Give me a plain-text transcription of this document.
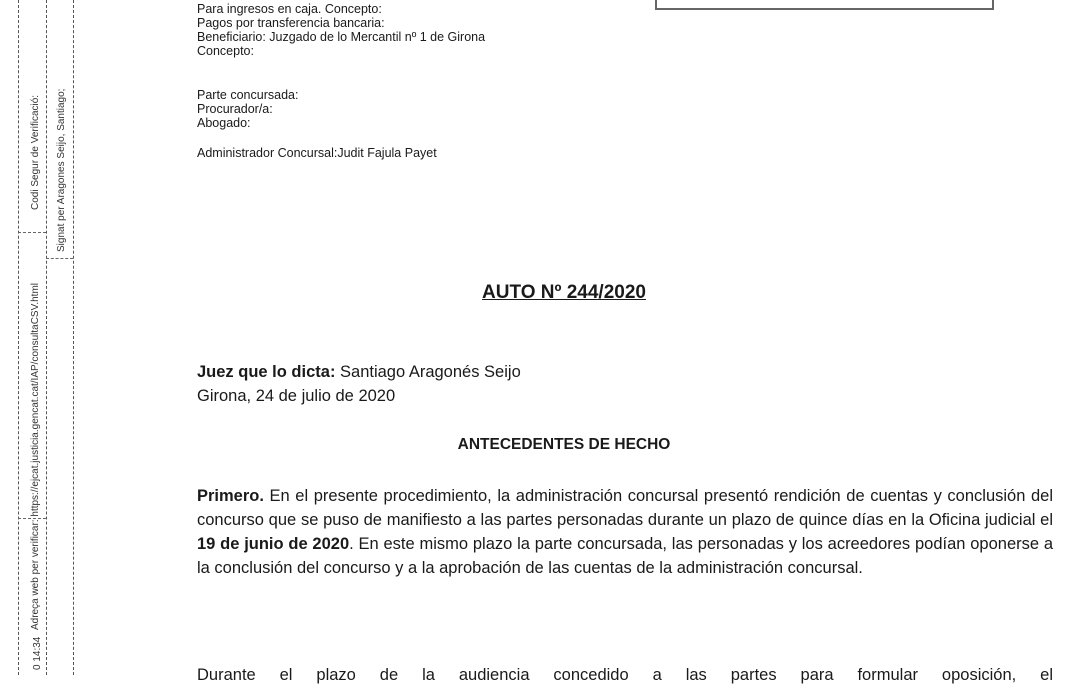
Codi Segur de Verificació:
Adreça web per verificar: https://ejcat.justicia.gencat.cat/IAP/consultaCSV.html
0 14:34
Signat per Aragones Seijo, Santiago;
Para ingresos en caja. Concepto:
Pagos por transferencia bancaria:
Beneficiario: Juzgado de lo Mercantil nº 1 de Girona
Concepto:
Parte concursada:
Procurador/a:
Abogado:
Administrador Concursal:Judit Fajula Payet
AUTO Nº 244/2020
Juez que lo dicta: Santiago Aragonés Seijo
Girona, 24 de julio de 2020
ANTECEDENTES DE HECHO
Primero. En el presente procedimiento, la administración concursal presentó rendición de cuentas y conclusión del concurso que se puso de manifiesto a las partes personadas durante un plazo de quince días en la Oficina judicial el 19 de junio de 2020. En este mismo plazo la parte concursada, las personadas y los acreedores podían oponerse a la conclusión del concurso y a la aprobación de las cuentas de la administración concursal.
Durante el plazo de la audiencia concedido a las partes para formular oposición, el
